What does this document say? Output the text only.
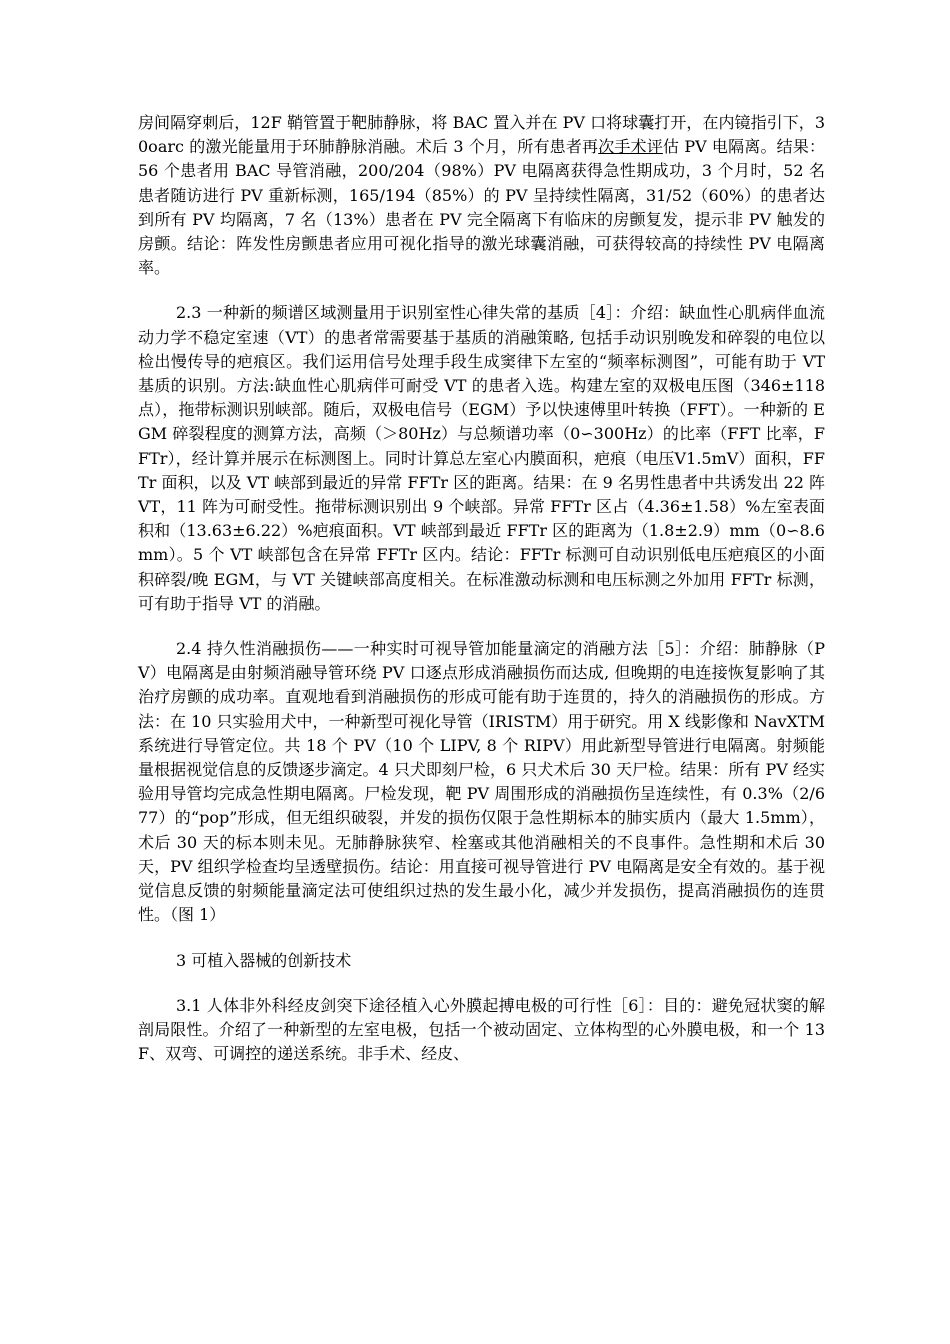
房间隔穿刺后，12F 鞘管置于靶肺静脉，将 BAC 置入并在 PV 口将球囊打开，在内镜指引下，30oarc 的激光能量用于环肺静脉消融。术后 3 个月，所有患者再次手术评估 PV 电隔离。结果：56 个患者用 BAC 导管消融，200/204（98%）PV 电隔离获得急性期成功，3 个月时，52 名患者随访进行 PV 重新标测，165/194（85%）的 PV 呈持续性隔离，31/52（60%）的患者达到所有 PV 均隔离，7 名（13%）患者在 PV 完全隔离下有临床的房颤复发，提示非 PV 触发的房颤。结论：阵发性房颤患者应用可视化指导的激光球囊消融，可获得较高的持续性 PV 电隔离率。

2.3 一种新的频谱区域测量用于识别室性心律失常的基质［4］：介绍：缺血性心肌病伴血流动力学不稳定室速（VT）的患者常需要基于基质的消融策略, 包括手动识别晚发和碎裂的电位以检出慢传导的疤痕区。我们运用信号处理手段生成窦律下左室的“频率标测图”，可能有助于 VT 基质的识别。方法:缺血性心肌病伴可耐受 VT 的患者入选。构建左室的双极电压图（346±118 点），拖带标测识别峡部。随后，双极电信号（EGM）予以快速傅里叶转换（FFT）。一种新的 EGM 碎裂程度的测算方法，高频（＞80Hz）与总频谱功率（0∽300Hz）的比率（FFT 比率，FFTr），经计算并展示在标测图上。同时计算总左室心内膜面积，疤痕（电压Ⅴ1.5mV）面积，FFTr 面积，以及 VT 峡部到最近的异常 FFTr 区的距离。结果：在 9 名男性患者中共诱发出 22 阵 VT，11 阵为可耐受性。拖带标测识别出 9 个峡部。异常 FFTr 区占（4.36±1.58）%左室表面积和（13.63±6.22）%疤痕面积。VT 峡部到最近 FFTr 区的距离为（1.8±2.9）mm（0∽8.6mm）。5 个 VT 峡部包含在异常 FFTr 区内。结论：FFTr 标测可自动识别低电压疤痕区的小面积碎裂/晚 EGM，与 VT 关键峡部高度相关。在标准激动标测和电压标测之外加用 FFTr 标测，可有助于指导 VT 的消融。

2.4 持久性消融损伤——一种实时可视导管加能量滴定的消融方法［5］：介绍：肺静脉（PV）电隔离是由射频消融导管环绕 PV 口逐点形成消融损伤而达成, 但晚期的电连接恢复影响了其治疗房颤的成功率。直观地看到消融损伤的形成可能有助于连贯的，持久的消融损伤的形成。方法：在 10 只实验用犬中，一种新型可视化导管（IRISTM）用于研究。用 X 线影像和 NavXTM 系统进行导管定位。共 18 个 PV（10 个 LIPV, 8 个 RIPV）用此新型导管进行电隔离。射频能量根据视觉信息的反馈逐步滴定。4 只犬即刻尸检，6 只犬术后 30 天尸检。结果：所有 PV 经实验用导管均完成急性期电隔离。尸检发现，靶 PV 周围形成的消融损伤呈连续性，有 0.3%（2/677）的“pop”形成，但无组织破裂，并发的损伤仅限于急性期标本的肺实质内（最大 1.5mm），术后 30 天的标本则未见。无肺静脉狭窄、栓塞或其他消融相关的不良事件。急性期和术后 30 天，PV 组织学检查均呈透壁损伤。结论：用直接可视导管进行 PV 电隔离是安全有效的。基于视觉信息反馈的射频能量滴定法可使组织过热的发生最小化，减少并发损伤，提高消融损伤的连贯性。（图 1）

3 可植入器械的创新技术

3.1 人体非外科经皮剑突下途径植入心外膜起搏电极的可行性［6］：目的：避免冠状窦的解剖局限性。介绍了一种新型的左室电极，包括一个被动固定、立体构型的心外膜电极，和一个 13F、双弯、可调控的递送系统。非手术、经皮、
